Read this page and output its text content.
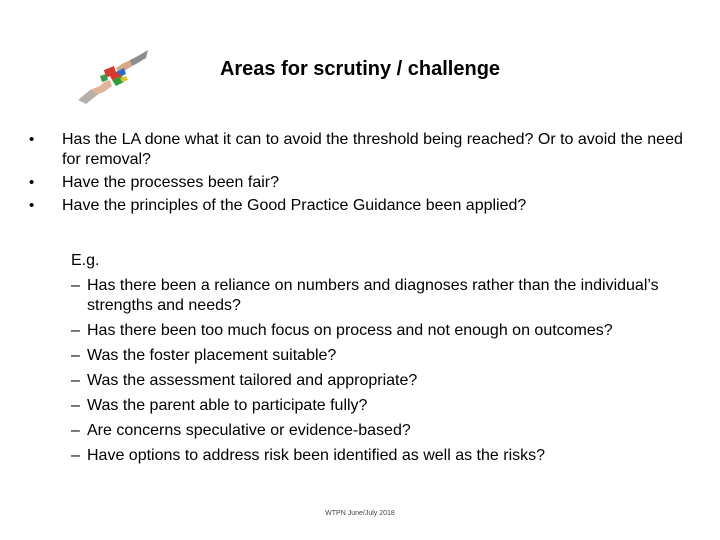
Areas for scrutiny / challenge
• Has the LA done what it can to avoid the threshold being reached? Or to avoid the need for removal?
• Have the processes been fair?
• Have the principles of the Good Practice Guidance been applied?
E.g.
– Has there been a reliance on numbers and diagnoses rather than the individual’s strengths and needs?
– Has there been too much focus on process and not enough on outcomes?
– Was the foster placement suitable?
– Was the assessment tailored and appropriate?
– Was the parent able to participate fully?
– Are concerns speculative or evidence-based?
– Have options to address risk been identified as well as the risks?
WTPN June/July 2018
